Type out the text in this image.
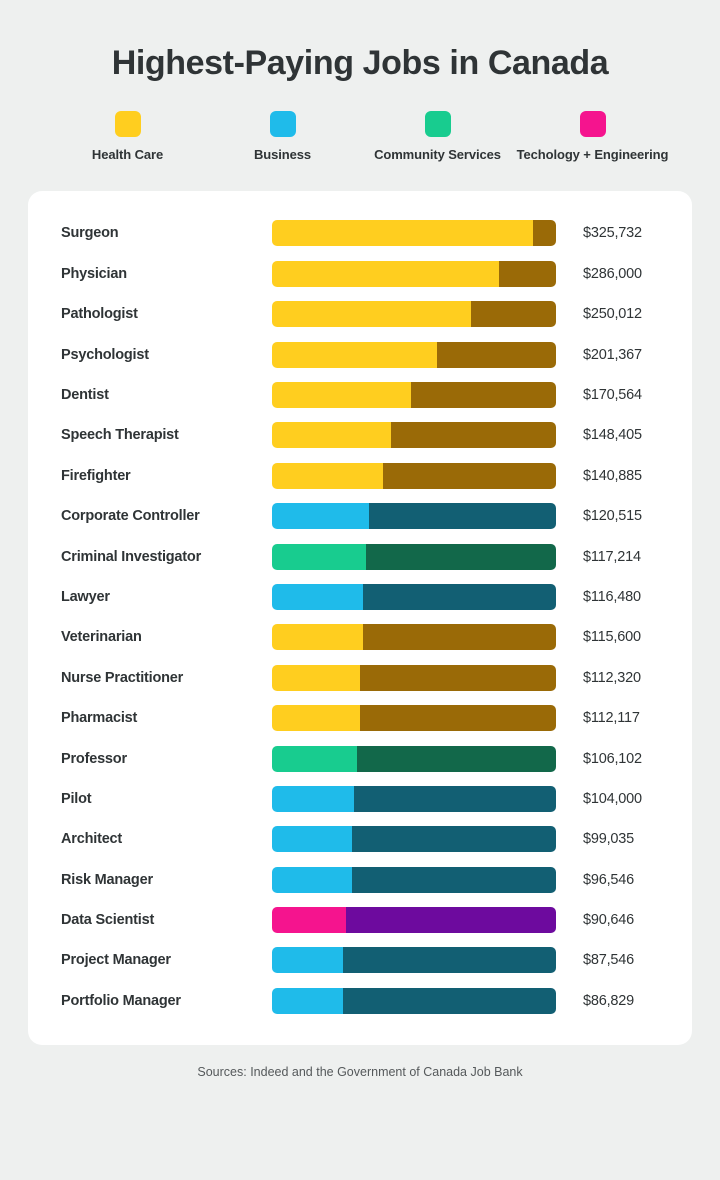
Highest-Paying Jobs in Canada
Health Care	Business	Community Services Techology + Engineering
Surgeon	$325,732
Physician	$286,000
Pathologist	$250,012
Psychologist	$201,367
Dentist	$170,564
Speech Therapist	$148,405
Firefighter	$140,885
Corporate Controller	$120,515
Criminal Investigator	$117,214
Lawyer	$116,480
Veterinarian	$115,600
Nurse Practitioner	$112,320
Pharmacist	$112,117
Professor	$106,102
Pilot	$104,000
Architect	$99,035
Risk Manager	$96,546
Data Scientist	$90,646
Project Manager	$87,546
Portfolio Manager	$86,829
Sources: Indeed and the Government of Canada Job Bank
